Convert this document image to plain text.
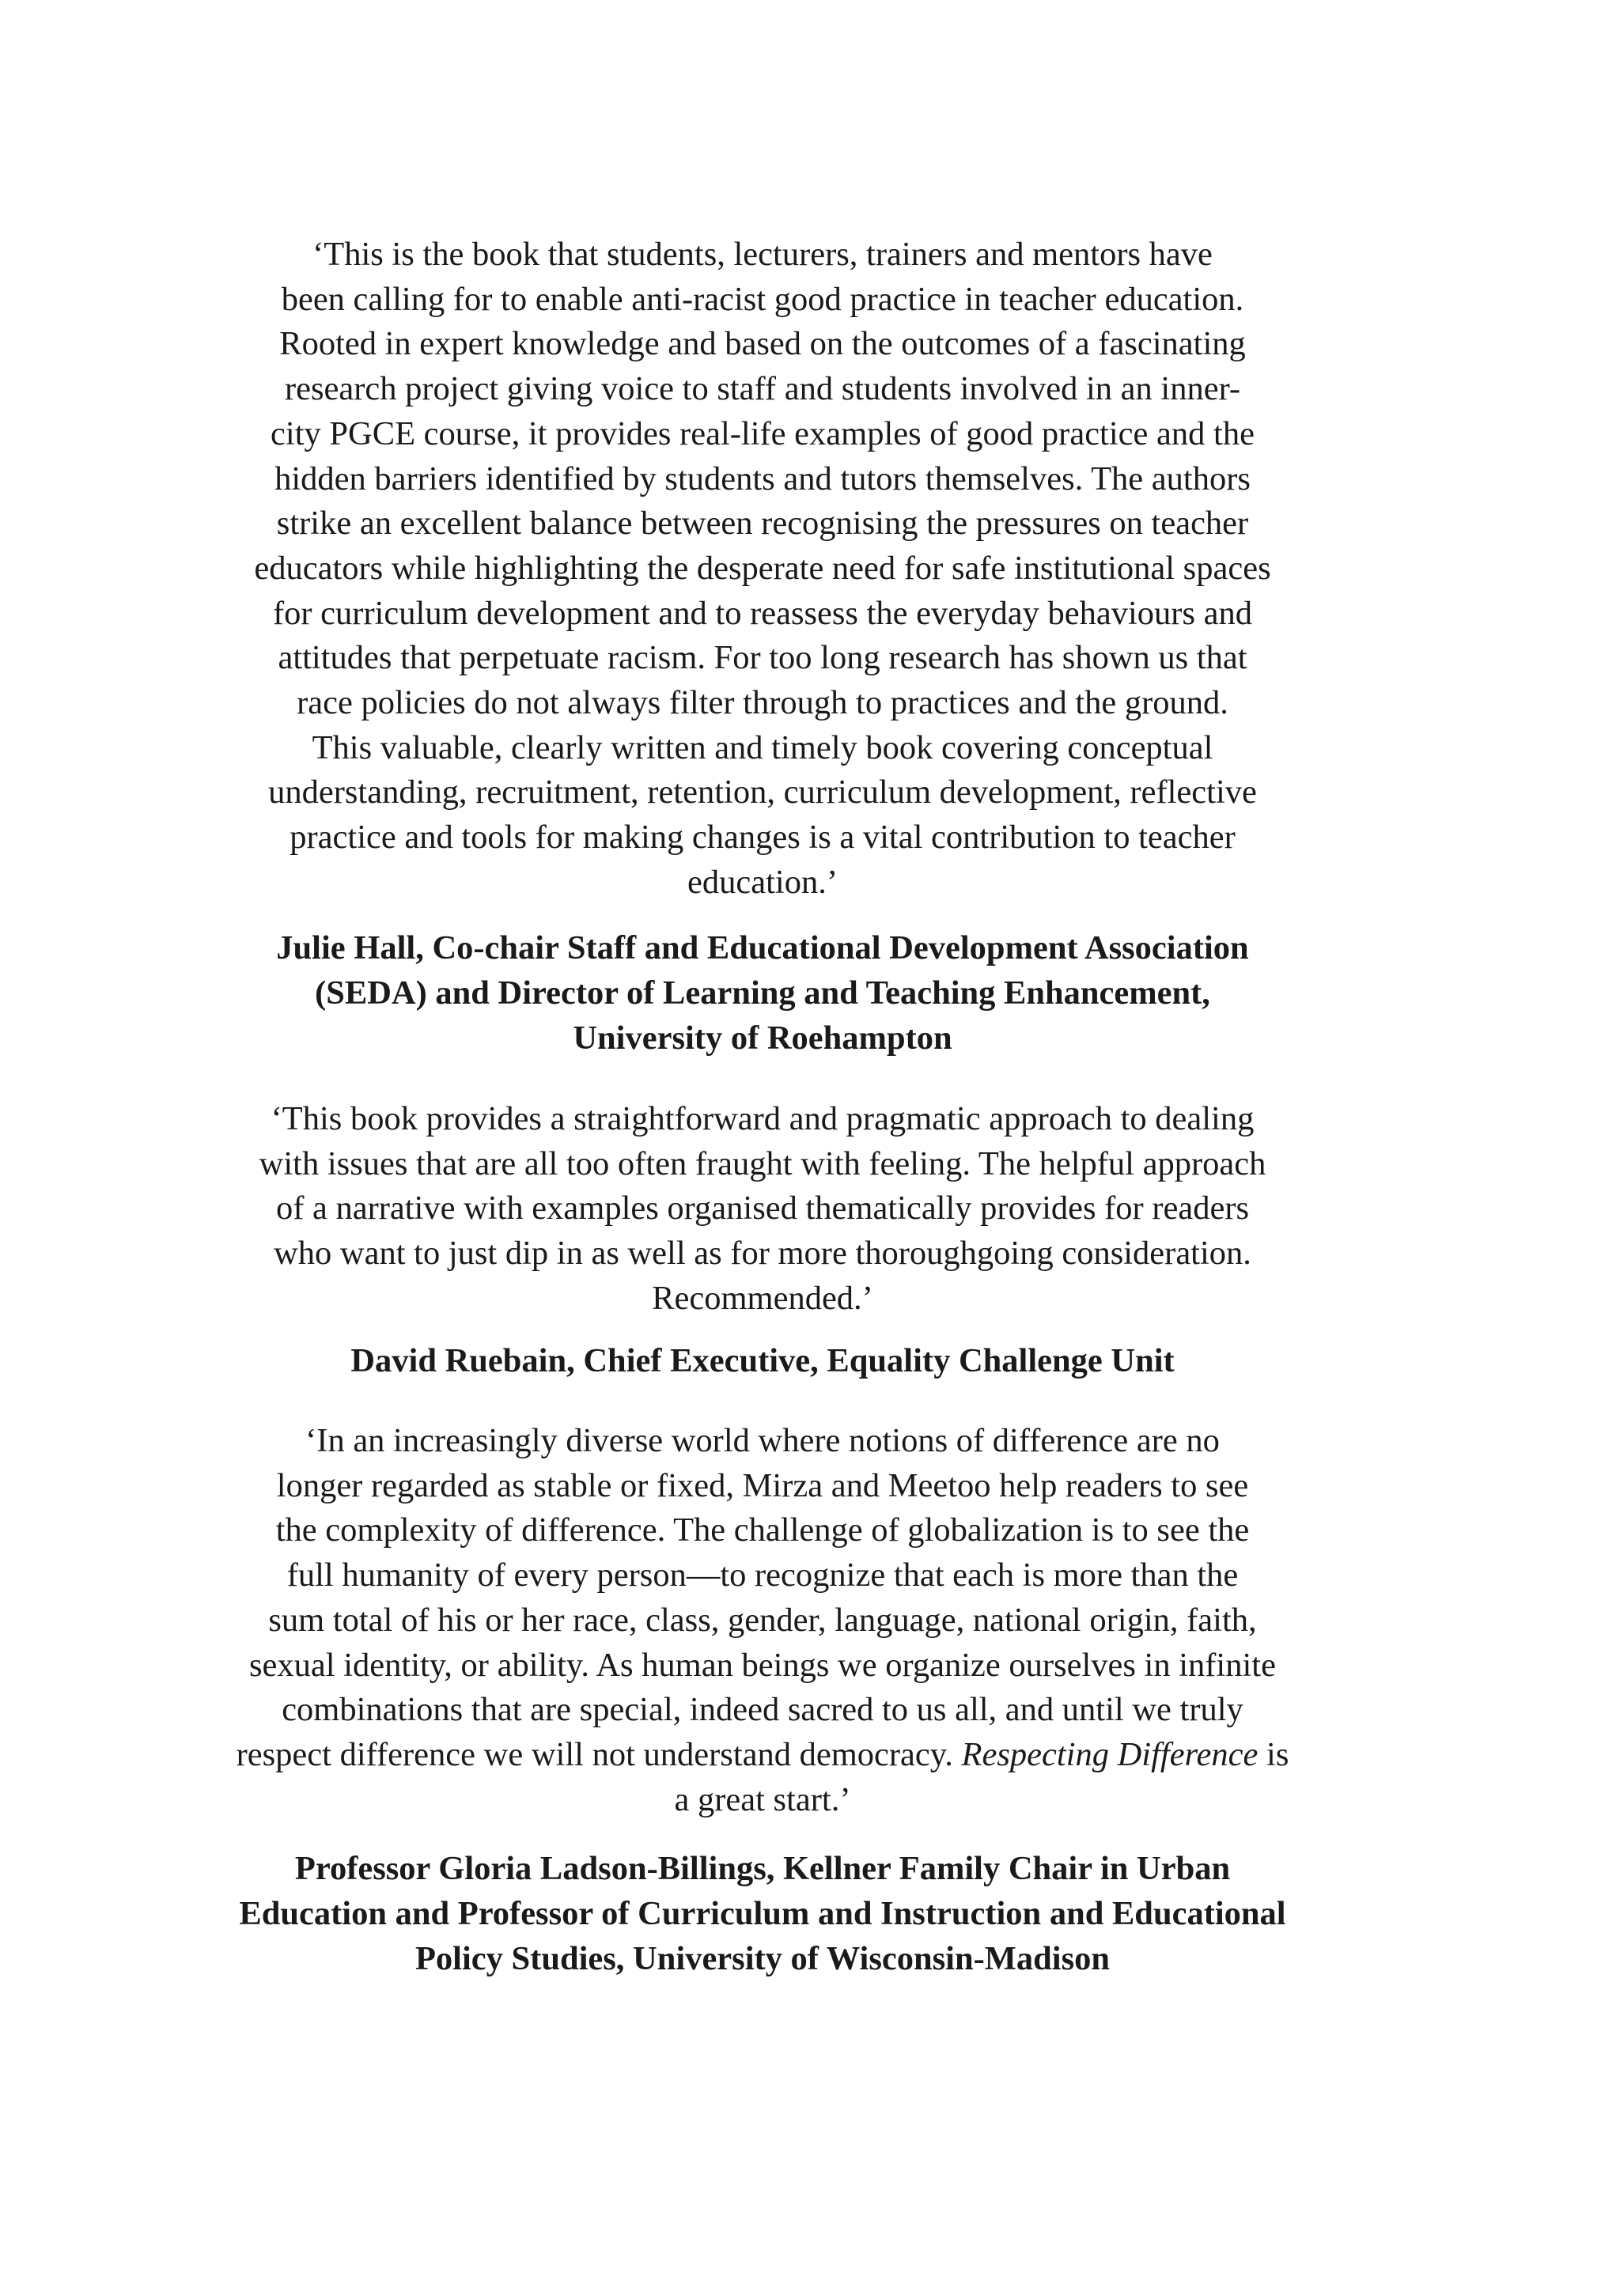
‘This is the book that students, lecturers, trainers and mentors have
been calling for to enable anti-racist good practice in teacher education.
Rooted in expert knowledge and based on the outcomes of a fascinating
research project giving voice to staff and students involved in an inner-
city PGCE course, it provides real-life examples of good practice and the
hidden barriers identified by students and tutors themselves. The authors
strike an excellent balance between recognising the pressures on teacher
educators while highlighting the desperate need for safe institutional spaces
for curriculum development and to reassess the everyday behaviours and
attitudes that perpetuate racism. For too long research has shown us that
race policies do not always filter through to practices and the ground.
This valuable, clearly written and timely book covering conceptual
understanding, recruitment, retention, curriculum development, reflective
practice and tools for making changes is a vital contribution to teacher
education.’
Julie Hall, Co-chair Staff and Educational Development Association
(SEDA) and Director of Learning and Teaching Enhancement,
University of Roehampton
‘This book provides a straightforward and pragmatic approach to dealing
with issues that are all too often fraught with feeling. The helpful approach
of a narrative with examples organised thematically provides for readers
who want to just dip in as well as for more thoroughgoing consideration.
Recommended.’
David Ruebain, Chief Executive, Equality Challenge Unit
‘In an increasingly diverse world where notions of difference are no
longer regarded as stable or fixed, Mirza and Meetoo help readers to see
the complexity of difference. The challenge of globalization is to see the
full humanity of every person—to recognize that each is more than the
sum total of his or her race, class, gender, language, national origin, faith,
sexual identity, or ability. As human beings we organize ourselves in infinite
combinations that are special, indeed sacred to us all, and until we truly
respect difference we will not understand democracy. Respecting Difference is
a great start.’
Professor Gloria Ladson-Billings, Kellner Family Chair in Urban
Education and Professor of Curriculum and Instruction and Educational
Policy Studies, University of Wisconsin-Madison
